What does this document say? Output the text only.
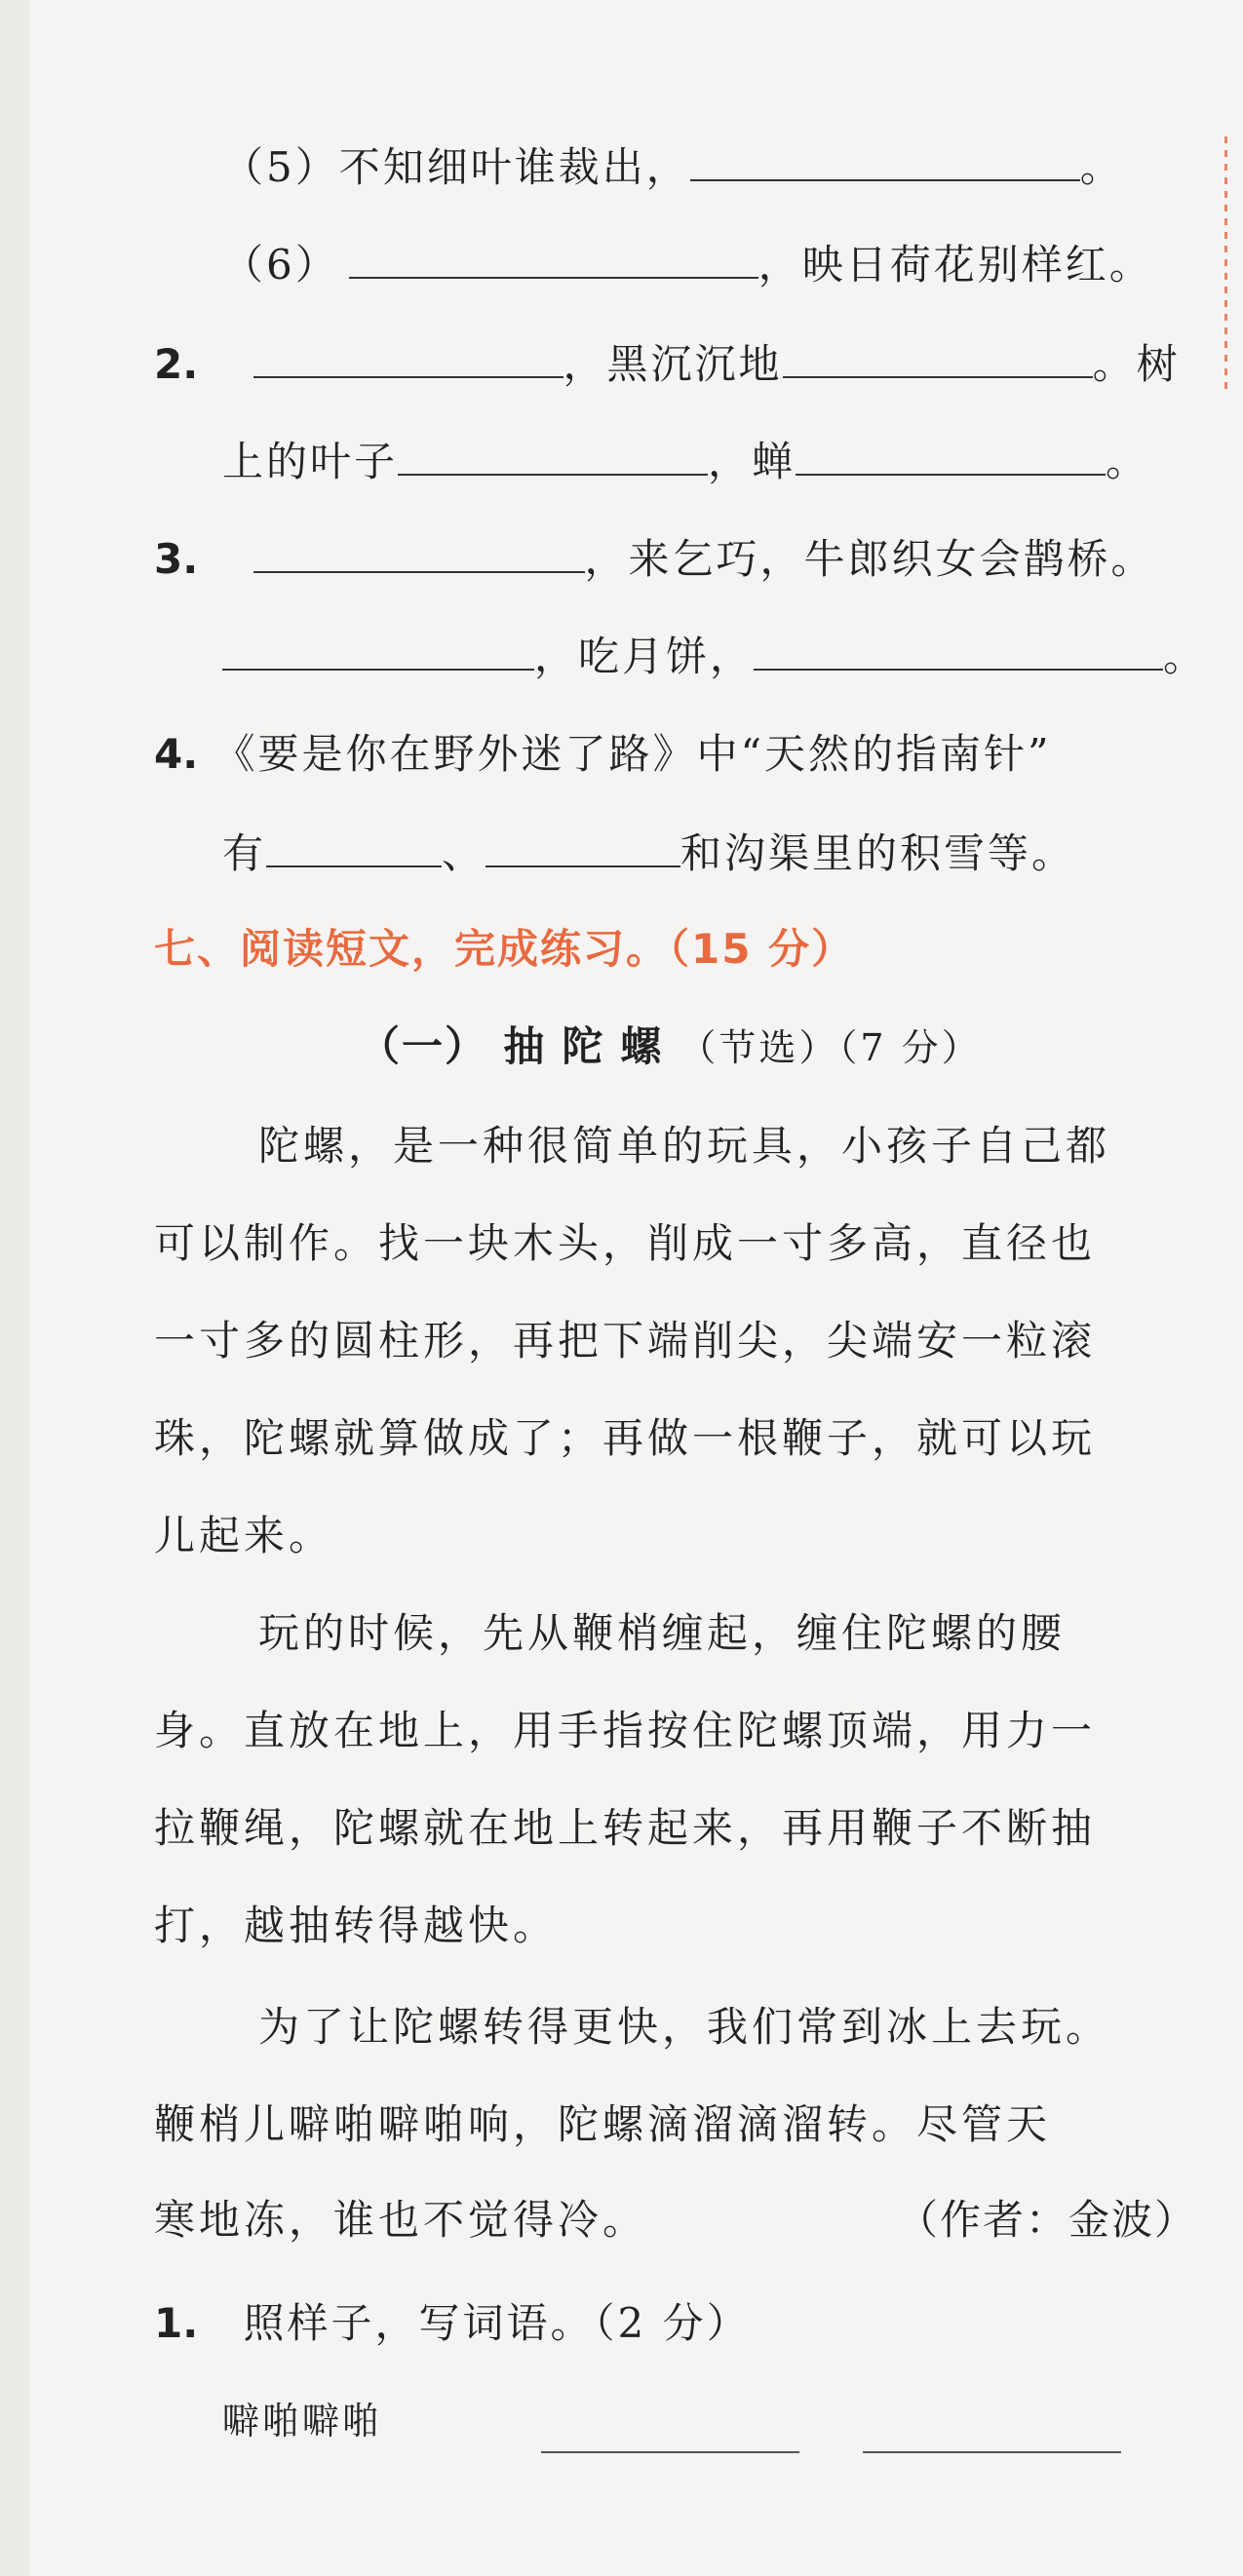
（5）不知细叶谁裁出，	。
（6）	，映日荷花别样红。
2.	，黑沉沉地	。树
上的叶子	，蝉	。
3.	，来乞巧，牛郎织女会鹊桥。
，吃月饼，	。
4. 《要是你在野外迷了路》中“天然的指南针”
有	、	和沟渠里的积雪等。
七、阅读短文，完成练习。（15 分）
（一） 抽陀螺（节选）（7 分）
陀螺，是一种很简单的玩具，小孩子自己都
可以制作。找一块木头，削成一寸多高，直径也
一寸多的圆柱形，再把下端削尖，尖端安一粒滚
珠，陀螺就算做成了；再做一根鞭子，就可以玩
儿起来。
玩的时候，先从鞭梢缠起，缠住陀螺的腰
身。直放在地上，用手指按住陀螺顶端，用力一
拉鞭绳，陀螺就在地上转起来，再用鞭子不断抽
打，越抽转得越快。
为了让陀螺转得更快，我们常到冰上去玩。
鞭梢儿噼啪噼啪响，陀螺滴溜滴溜转。尽管天
寒地冻，谁也不觉得冷。	（作者：金波）
1. 照样子，写词语。（2 分）
噼啪噼啪
